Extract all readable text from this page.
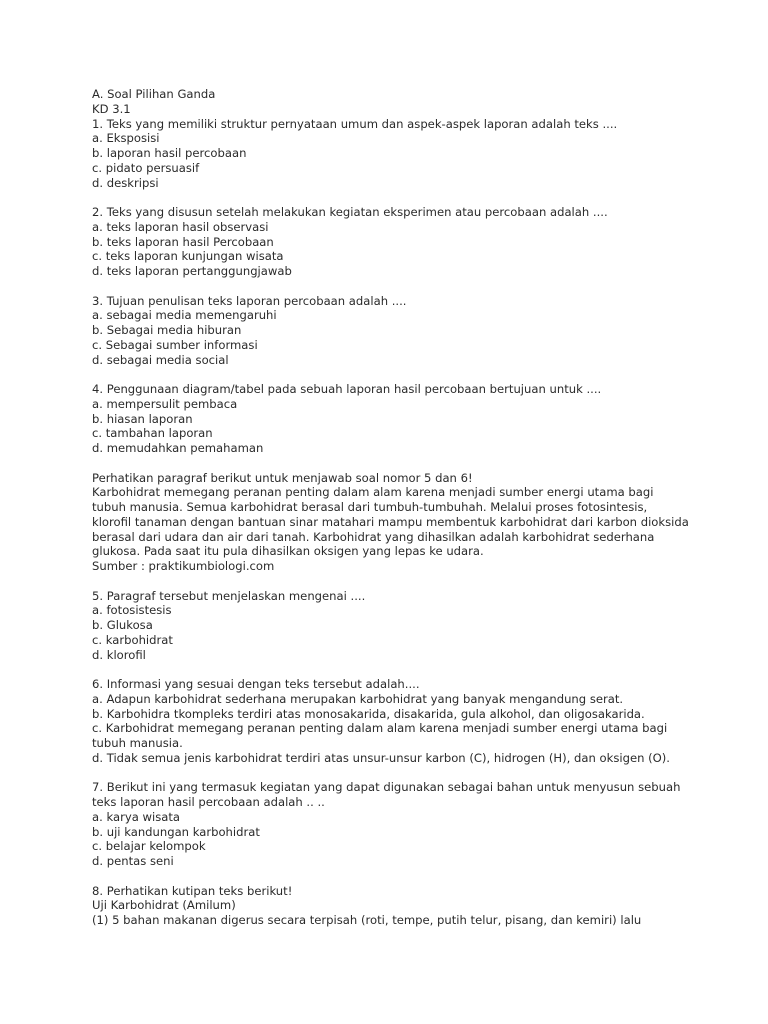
A. Soal Pilihan Ganda
KD 3.1
1. Teks yang memiliki struktur pernyataan umum dan aspek-aspek laporan adalah teks ....
a. Eksposisi
b. laporan hasil percobaan
c. pidato persuasif
d. deskripsi
2. Teks yang disusun setelah melakukan kegiatan eksperimen atau percobaan adalah ....
a. teks laporan hasil observasi
b. teks laporan hasil Percobaan
c. teks laporan kunjungan wisata
d. teks laporan pertanggungjawab
3. Tujuan penulisan teks laporan percobaan adalah ....
a. sebagai media memengaruhi
b. Sebagai media hiburan
c. Sebagai sumber informasi
d. sebagai media social
4. Penggunaan diagram/tabel pada sebuah laporan hasil percobaan bertujuan untuk ....
a. mempersulit pembaca
b. hiasan laporan
c. tambahan laporan
d. memudahkan pemahaman
Perhatikan paragraf berikut untuk menjawab soal nomor 5 dan 6!
Karbohidrat memegang peranan penting dalam alam karena menjadi sumber energi utama bagi
tubuh manusia. Semua karbohidrat berasal dari tumbuh-tumbuhah. Melalui proses fotosintesis,
klorofil tanaman dengan bantuan sinar matahari mampu membentuk karbohidrat dari karbon dioksida
berasal dari udara dan air dari tanah. Karbohidrat yang dihasilkan adalah karbohidrat sederhana
glukosa. Pada saat itu pula dihasilkan oksigen yang lepas ke udara.
Sumber : praktikumbiologi.com
5. Paragraf tersebut menjelaskan mengenai ....
a. fotosistesis
b. Glukosa
c. karbohidrat
d. klorofil
6. Informasi yang sesuai dengan teks tersebut adalah....
a. Adapun karbohidrat sederhana merupakan karbohidrat yang banyak mengandung serat.
b. Karbohidra tkompleks terdiri atas monosakarida, disakarida, gula alkohol, dan oligosakarida.
c. Karbohidrat memegang peranan penting dalam alam karena menjadi sumber energi utama bagi
tubuh manusia.
d. Tidak semua jenis karbohidrat terdiri atas unsur-unsur karbon (C), hidrogen (H), dan oksigen (O).
7. Berikut ini yang termasuk kegiatan yang dapat digunakan sebagai bahan untuk menyusun sebuah
teks laporan hasil percobaan adalah .. ..
a. karya wisata
b. uji kandungan karbohidrat
c. belajar kelompok
d. pentas seni
8. Perhatikan kutipan teks berikut!
Uji Karbohidrat (Amilum)
(1) 5 bahan makanan digerus secara terpisah (roti, tempe, putih telur, pisang, dan kemiri) lalu
